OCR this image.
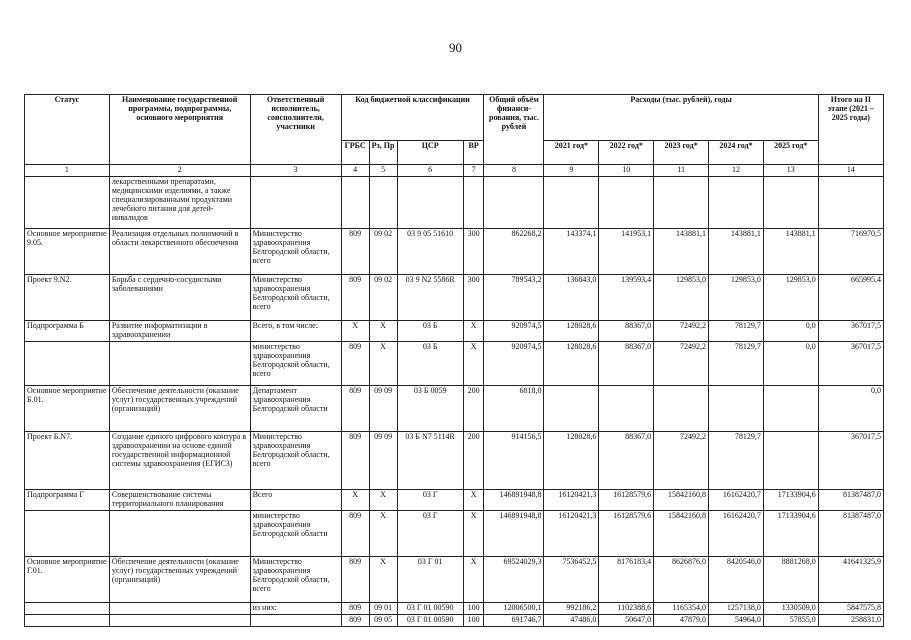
90
Статус	Наименование государственной программы, подпрограммы, основного мероприятия	Ответственный исполнитель, соисполнители, участники	Код бюджетной классификации				Общий объём финанси-рования, тыс. рублей	Расходы (тыс. рублей), годы					Итого на II этапе (2021 – 2025 годы)
			ГРБС	Рз, Пр	ЦСР	ВР		2021 год*	2022 год*	2023 год*	2024 год*	2025 год*	
1	2	3	4	5	6	7	8	9	10	11	12	13	14
	лекарственными препаратами, медицинскими изделиями, а также специализированными продуктами лечебного питания для детей-инвалидов												
Основное мероприятие 9.05.	Реализация отдельных полномочий в области лекарственного обеспечения	Министерство здравоохранения Белгородской области, всего	809	09 02	03 9 05 51610	300	862268,2	143374,1	141953,1	143881,1	143881,1	143881,1	716970,5
Проект 9.N2.	Борьба с сердечно-сосудистыми заболеваниями	Министерство здравоохранения Белгородской области, всего	809	09 02	03 9 N2 5586R	300	789543,2	136843,0	139593,4	129853,0	129853,0	129853,0	665995,4
Подпрограмма Б	Развитие информатизации в здравоохранении	Всего, в том числе:	X	X	03 Б	X	920974,5	128028,6	88367,0	72492,2	78129,7	0,0	367017,5
		министерство здравоохранения Белгородской области, всего	809	X	03 Б	X	920974,5	128028,6	88367,0	72492,2	78129,7	0,0	367017,5
Основное мероприятие Б.01.	Обеспечение деятельности (оказание услуг) государственных учреждений (организаций)	Департамент здравоохранения Белгородской области	809	09 09	03 Б 0059	200	6818,0						0,0
Проект Б.N7.	Создание единого цифрового контура в здравоохранении на основе единой государственной информационной системы здравоохранения (ЕГИСЗ)	Министерство здравоохранения Белгородской области, всего	809	09 09	03 Б N7 5114R	200	914156,5	128028,6	88367,0	72492,2	78129,7		367017,5
Подпрограмма Г	Совершенствование системы территориального планирования	Всего	X	X	03 Г	X	146891948,8	16120421,3	16128579,6	15842160,8	16162420,7	17133904,6	81387487,0
		министерство здравоохранения Белгородской области	809	X	03 Г	X	146891948,8	16120421,3	16128579,6	15842160,8	16162420,7	17133904,6	81387487,0
Основное мероприятие Г.01.	Обеспечение деятельности (оказание услуг) государственных учреждений (организаций)	Министерство здравоохранения Белгородской области, всего	809	X	03 Г 01	X	69524029,3	7536452,5	8176183,4	8626876,0	8420546,0	8881268,0	41641325,9
		из них:	809	09 01	03 Г 01 00590	100	12006500,1	992186,2	1102388,6	1165354,0	1257138,0	1330509,0	5847575,8
			809	09 05	03 Г 01 00590	100	691746,7	47486,0	50647,0	47879,0	54964,0	57855,0	258831,0
